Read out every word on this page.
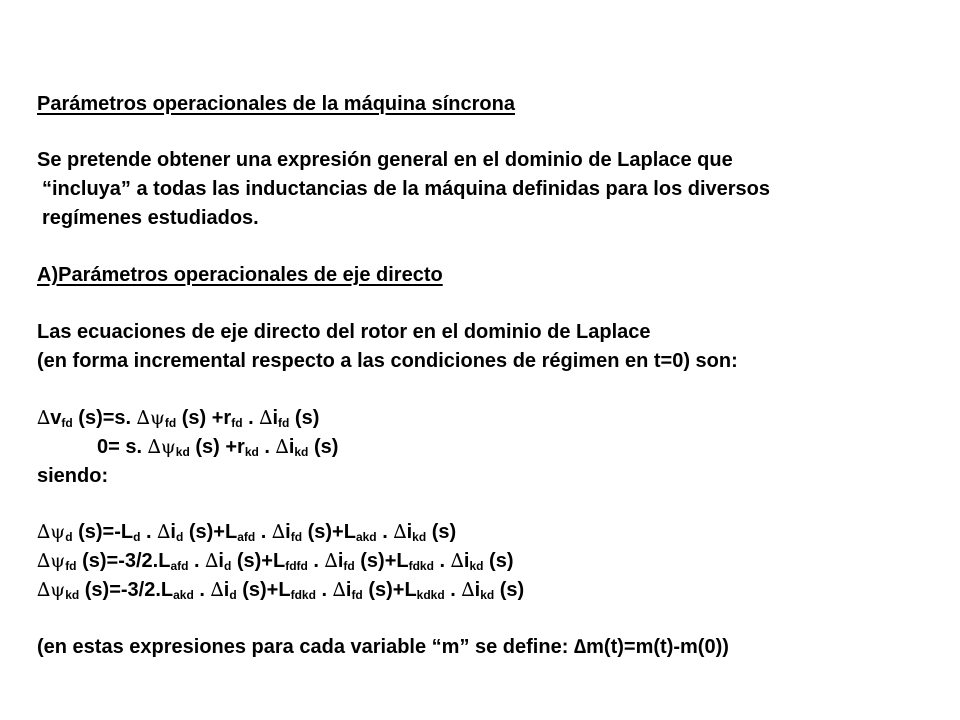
Parámetros operacionales de la máquina síncrona
Se pretende obtener una expresión general en el dominio de Laplace que
“incluya” a todas las inductancias de la máquina definidas para los diversos
regímenes estudiados.
A)Parámetros operacionales de eje directo
Las ecuaciones de eje directo del rotor en el dominio de Laplace
(en forma incremental respecto a las condiciones de régimen en t=0) son:
$\Delta v_{fd}$ (s)=s. $\Delta\psi_{fd}$ $(s) +r_{fd}$ . $\Delta i_{fd}$ (s)
0= s. $\Delta\psi_{kd}$ $(s) +r_{kd}$ . $\Delta i_{kd}$ (s)
siendo:
$\Delta\psi_d$ $(s)=-L_d$ . $\Delta i_d$ $(s)+L_{afd}$ . $\Delta i_{fd}$ $(s)+L_{akd}$ . $\Delta i_{kd}$ (s)
$\Delta\psi_{fd}$ $(s)=-3/2.L_{afd}$ . $\Delta i_d$ $(s)+L_{fdfd}$ . $\Delta i_{fd}$ $(s)+L_{fdkd}$ . $\Delta i_{kd}$ (s)
$\Delta\psi_{kd}$ $(s)=-3/2.L_{akd}$ . $\Delta i_d$ $(s)+L_{fdkd}$ . $\Delta i_{fd}$ $(s)+L_{kdkd}$ . $\Delta i_{kd}$ (s)
(en estas expresiones para cada variable “m” se define: ∆m(t)=m(t)-m(0))
